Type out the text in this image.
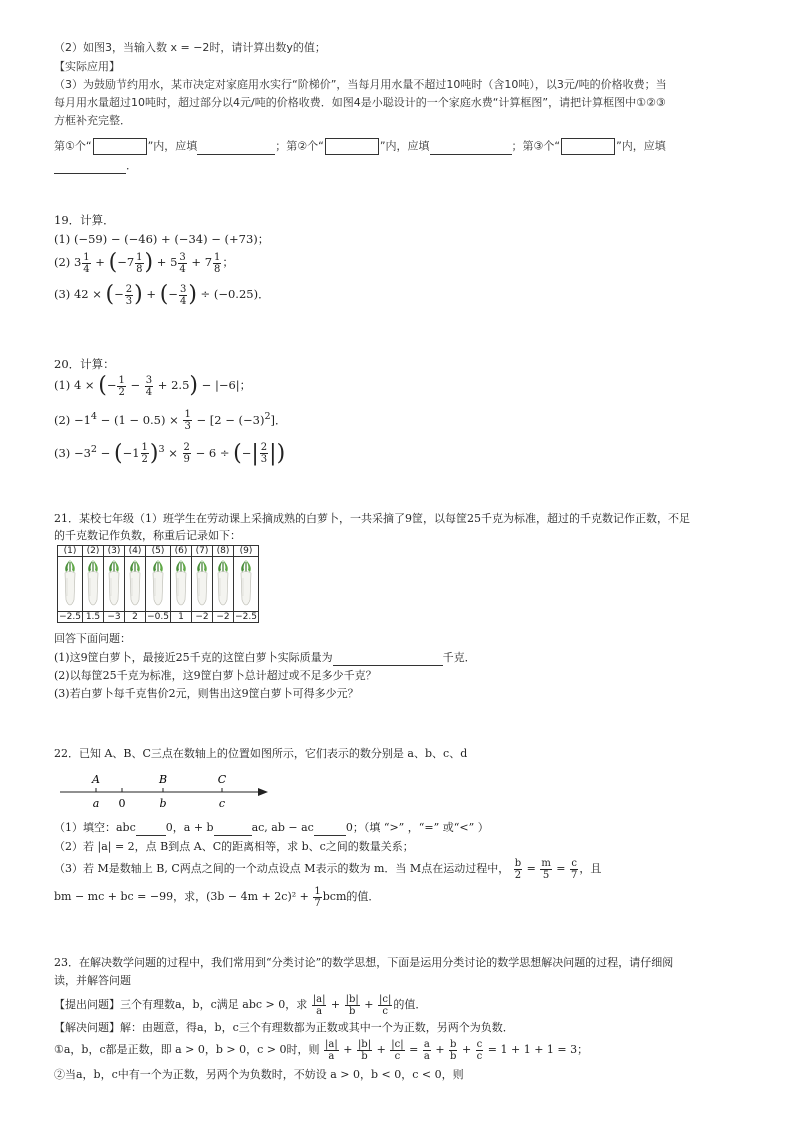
（2）如图3，当输入数 x = −2时，请计算出数y的值；
【实际应用】
（3）为鼓励节约用水，某市决定对家庭用水实行“阶梯价”，当每月用水量不超过10吨时（含10吨），以3元/吨的价格收费；当
每月用水量超过10吨时，超过部分以4元/吨的价格收费．如图4是小聪设计的一个家庭水费“计算框图”，请把计算框图中①②③
方框补充完整．
第①个“	”内，应填	；第②个“	”内，应填	；第③个“	”内，应填
．
19．计算．
(1) (−59) − (−46) + (−34) − (+73)；
(2) $3 \frac{1}{4} + (-7 \frac{1}{8}$ ) + $5 \frac{3}{4} + 7 \frac{1}{8}$ ；
(3) 42 × (− $\frac{2}{3}$ ) + (− $\frac{3}{4}$ ) ÷ (−0.25)．
20．计算：
(1) 4 × (− $\frac{1}{2} - \frac{3}{4} + 2.5) - |-6|$；
$(2) -1^4 - (1 - 0.5) \times \frac{1}{3} - [2 - (-3)^2]$．
$(3) -3^2 - (-1 \frac{1}{2} )^3 \times \frac{2}{9} - 6$ ÷ (−| $\frac{2}{3}$ |)
21．某校七年级（1）班学生在劳动课上采摘成熟的白萝卜，一共采摘了9筐，以每筐25千克为标准，超过的千克数记作正数，不足
的千克数记作负数，称重后记录如下：
(1)	(2)	(3)	(4)	(5)	(6)	(7)	(8)	(9)

−2.5	1.5	−3	2	−0.5	1	−2	−2	−2.5
回答下面问题：
(1)这9筐白萝卜，最接近25千克的这筐白萝卜实际质量为	千克．
(2)以每筐25千克为标准，这9筐白萝卜总计超过或不足多少千克？
(3)若白萝卜每千克售价2元，则售出这9筐白萝卜可得多少元？
22．已知 A、B、C三点在数轴上的位置如图所示，它们表示的数分别是 a、b、c、d
A	B	C
a 0	b	c
（1）填空：abc	0，a + b	ac, ab − ac	0；（填 “>” ，“=” 或“<” ）
（2）若 |a| = 2，点 B到点 A、C的距离相等，求 b、c之间的数量关系；
（3）若 M是数轴上 B, C两点之间的一个动点设点 M表示的数为 m．当 M点在运动过程中， $\frac{b}{2} = \frac{m}{5} = \frac{c}{7}$ ，且
bm − mc + bc = −99，求，$(3b - 4m + 2c)^2 + \frac{1}{7}$ bcm的值．
23．在解决数学问题的过程中，我们常用到“分类讨论”的数学思想，下面是运用分类讨论的数学思想解决问题的过程，请仔细阅
读，并解答问题
【提出问题】三个有理数a，b，c满足 abc > 0，求 $\frac{|a|}{a} + \frac{|b|}{b} + \frac{|c|}{c}$ 的值．
【解决问题】解：由题意，得a，b，c三个有理数都为正数或其中一个为正数，另两个为负数．
①a，b，c都是正数，即 a > 0，b > 0，c > 0时，则 $\frac{|a|}{a} + \frac{|b|}{b} + \frac{|c|}{c} = \frac{a}{a} + \frac{b}{b} + \frac{c}{c} = 1 + 1 + 1 = 3$；
②当a，b，c中有一个为正数，另两个为负数时，不妨设 a > 0，b < 0，c < 0，则
